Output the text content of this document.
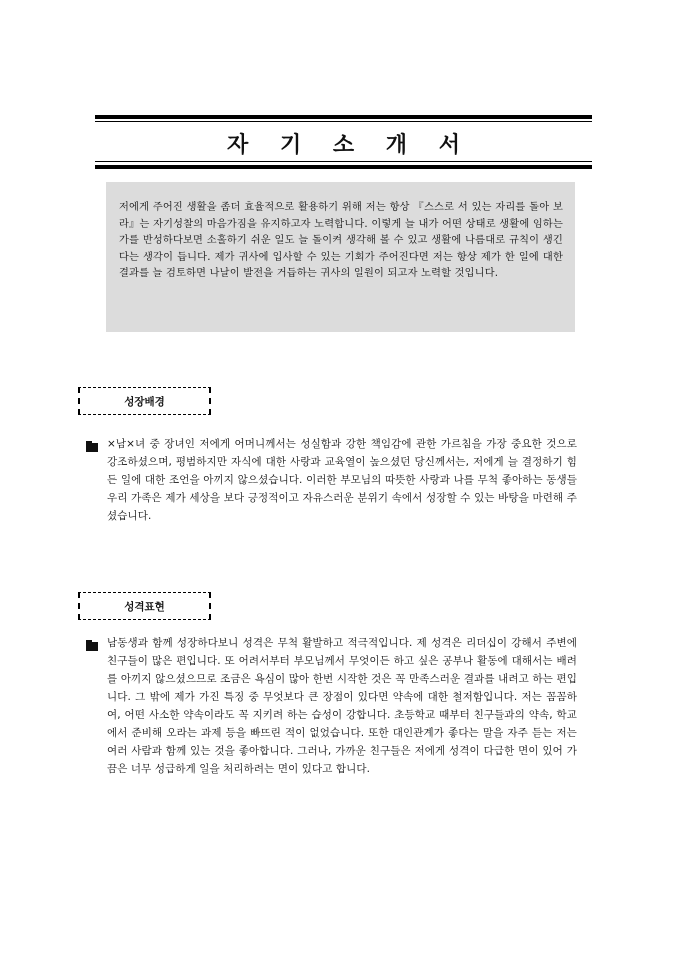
자 기 소 개 서
저에게 주어진 생활을 좀더 효율적으로 활용하기 위해 저는 항상 『스스로 서 있는 자리를 돌아 보라』는 자기성찰의 마음가짐을 유지하고자 노력합니다. 이렇게 늘 내가 어떤 상태로 생활에 임하는가를 반성하다보면 소홀하기 쉬운 일도 늘 돌이켜 생각해 볼 수 있고 생활에 나름대로 규칙이 생긴다는 생각이 듭니다. 제가 귀사에 입사할 수 있는 기회가 주어진다면 저는 항상 제가 한 일에 대한 결과를 늘 검토하면 나날이 발전을 거듭하는 귀사의 일원이 되고자 노력할 것입니다.
성장배경
×남×녀 중 장녀인 저에게 어머니께서는 성실함과 강한 책임감에 관한 가르침을 가장 중요한 것으로 강조하셨으며, 평범하지만 자식에 대한 사랑과 교육열이 높으셨던 당신께서는, 저에게 늘 결정하기 힘든 일에 대한 조언을 아끼지 않으셨습니다. 이러한 부모님의 따뜻한 사랑과 나를 무척 좋아하는 동생들 우리 가족은 제가 세상을 보다 긍정적이고 자유스러운 분위기 속에서 성장할 수 있는 바탕을 마련해 주셨습니다.
성격표현
남동생과 함께 성장하다보니 성격은 무척 활발하고 적극적입니다. 제 성격은 리더십이 강해서 주변에 친구들이 많은 편입니다. 또 어려서부터 부모님께서 무엇이든 하고 싶은 공부나 활동에 대해서는 배려를 아끼지 않으셨으므로 조금은 욕심이 많아 한번 시작한 것은 꼭 만족스러운 결과를 내려고 하는 편입니다. 그 밖에 제가 가진 특징 중 무엇보다 큰 장점이 있다면 약속에 대한 철저함입니다. 저는 꼼꼼하여, 어떤 사소한 약속이라도 꼭 지키려 하는 습성이 강합니다. 초등학교 때부터 친구들과의 약속, 학교에서 준비해 오라는 과제 등을 빠뜨린 적이 없었습니다. 또한 대인관계가 좋다는 말을 자주 듣는 저는 여러 사람과 함께 있는 것을 좋아합니다. 그러나, 가까운 친구들은 저에게 성격이 다급한 면이 있어 가끔은 너무 성급하게 일을 처리하려는 면이 있다고 합니다.
